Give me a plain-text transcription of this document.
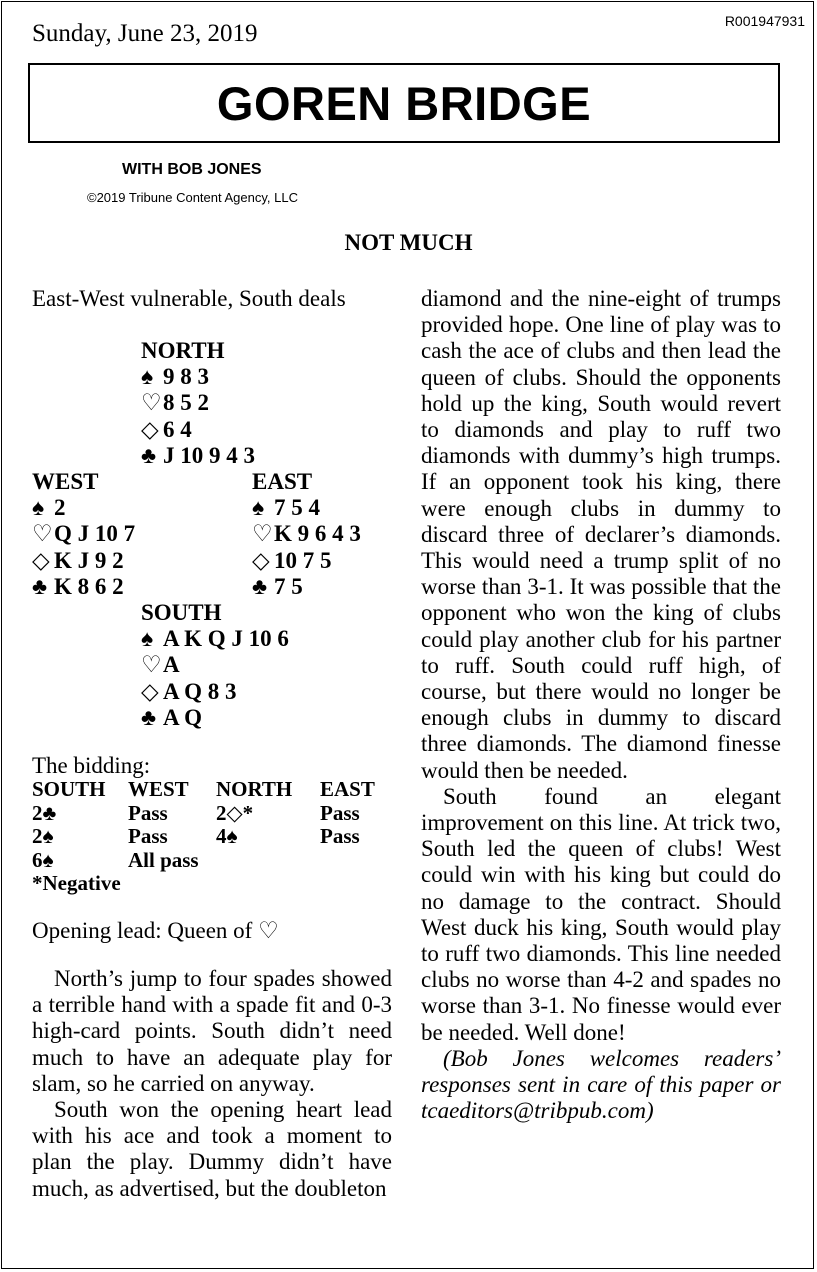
Sunday, June 23, 2019	R001947931
GOREN BRIDGE
WITH BOB JONES
©2019 Tribune Content Agency, LLC
NOT MUCH
East-West vulnerable, South deals
NORTH
♠ 9 8 3
♡8 5 2
◇ 6 4
♣ J 10 9 4 3
WEST
♠ 2
♡Q J 10 7
◇ K J 9 2
♣ K 8 6 2
EAST
♠ 7 5 4
♡K 9 6 4 3
◇ 10 7 5
♣ 7 5
SOUTH
♠ A K Q J 10 6
♡A
◇ A Q 8 3
♣ A Q
The bidding:
SOUTH	WEST	NORTH	EAST
2♣	Pass	2◇*	Pass
2♠	Pass	4♠	Pass
6♠	All pass
*Negative
Opening lead: Queen of ♡

North’s jump to four spades showed a terrible hand with a spade fit and 0-3 high-card points. South didn’t need much to have an adequate play for slam, so he carried on anyway.

South won the opening heart lead with his ace and took a moment to plan the play. Dummy didn’t have much, as advertised, but the doubleton

diamond and the nine-eight of trumps provided hope. One line of play was to cash the ace of clubs and then lead the queen of clubs. Should the opponents hold up the king, South would revert to diamonds and play to ruff two diamonds with dummy’s high trumps. If an opponent took his king, there were enough clubs in dummy to discard three of declarer’s diamonds. This would need a trump split of no worse than 3-1. It was possible that the opponent who won the king of clubs could play another club for his partner to ruff. South could ruff high, of course, but there would no longer be enough clubs in dummy to discard three diamonds. The diamond finesse would then be needed.

South found an elegant improvement on this line. At trick two, South led the queen of clubs! West could win with his king but could do no damage to the contract. Should West duck his king, South would play to ruff two diamonds. This line needed clubs no worse than 4-2 and spades no worse than 3-1. No finesse would ever be needed. Well done!

(Bob Jones welcomes readers’ responses sent in care of this paper or tcaeditors@tribpub.com)
